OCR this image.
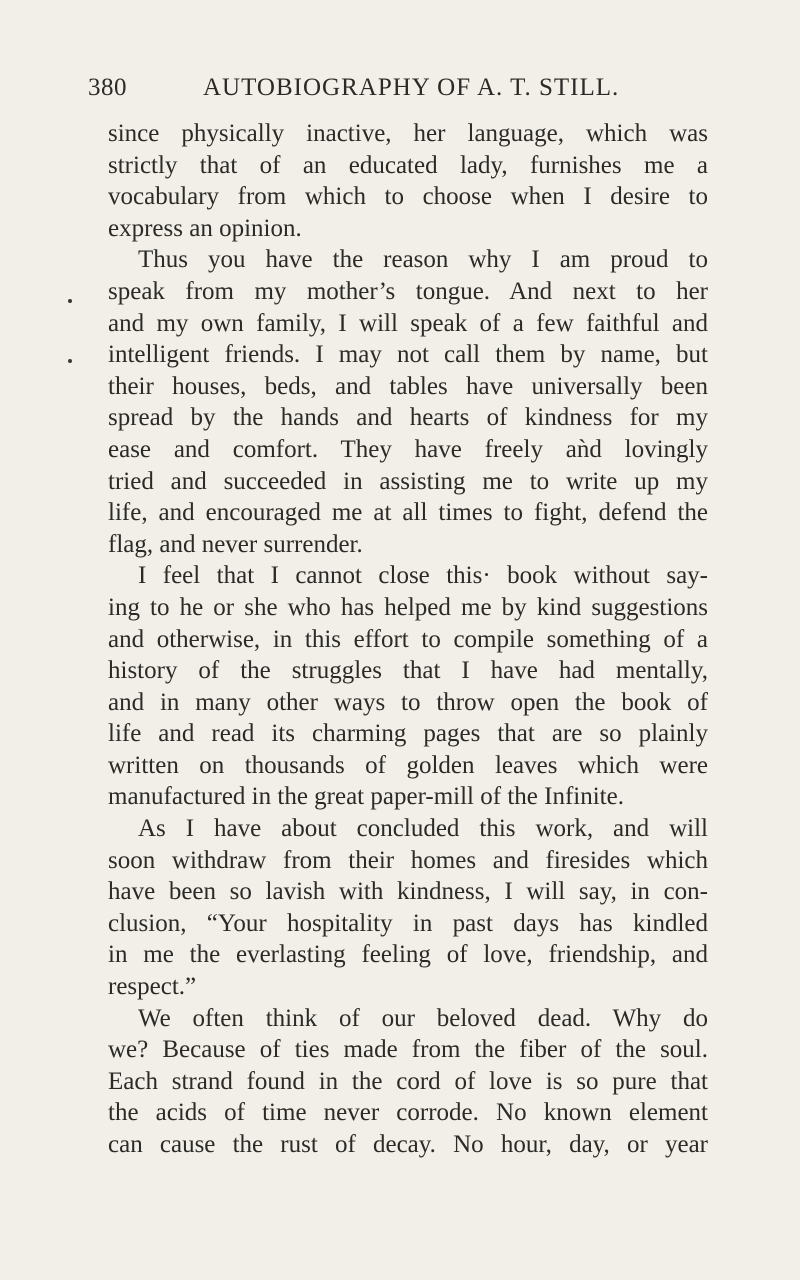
380	AUTOBIOGRAPHY OF A. T. STILL.
since physically inactive, her language, which was
strictly that of an educated lady, furnishes me a
vocabulary from which to choose when I desire to
express an opinion.
Thus you have the reason why I am proud to
speak from my mother’s tongue. And next to her
and my own family, I will speak of a few faithful and
intelligent friends. I may not call them by name, but
their houses, beds, and tables have universally been
spread by the hands and hearts of kindness for my
ease and comfort. They have freely aǹd lovingly
tried and succeeded in assisting me to write up my
life, and encouraged me at all times to fight, defend the
flag, and never surrender.
I feel that I cannot close this· book without say-
ing to he or she who has helped me by kind suggestions
and otherwise, in this effort to compile something of a
history of the struggles that I have had mentally,
and in many other ways to throw open the book of
life and read its charming pages that are so plainly
written on thousands of golden leaves which were
manufactured in the great paper-mill of the Infinite.
As I have about concluded this work, and will
soon withdraw from their homes and firesides which
have been so lavish with kindness, I will say, in con-
clusion, “Your hospitality in past days has kindled
in me the everlasting feeling of love, friendship, and
respect.”
We often think of our beloved dead. Why do
we? Because of ties made from the fiber of the soul.
Each strand found in the cord of love is so pure that
the acids of time never corrode. No known element
can cause the rust of decay. No hour, day, or year
